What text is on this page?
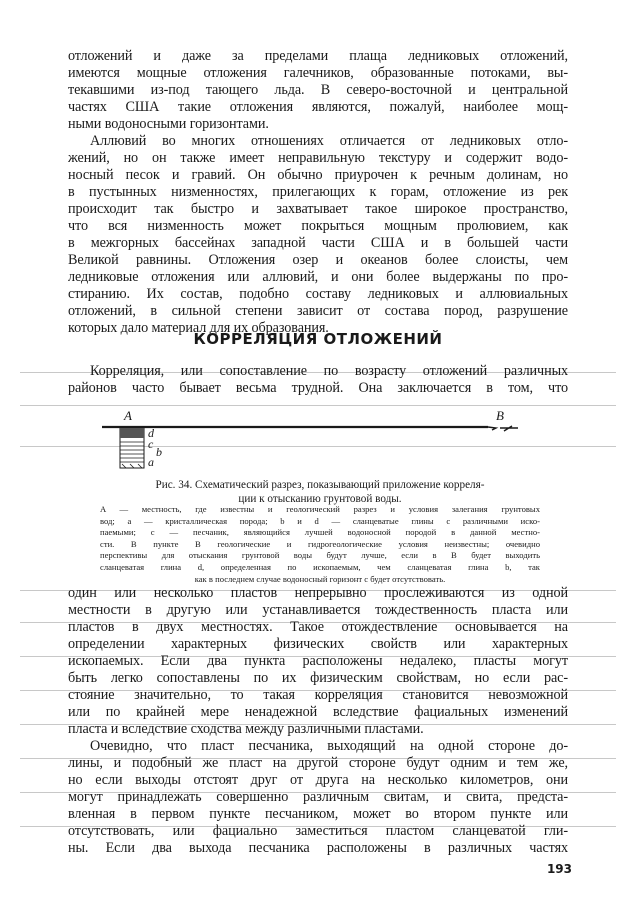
отложений и даже за пределами плаща ледниковых отложений,
имеются мощные отложения галечников, образованные потоками, вы-
текавшими из-под тающего льда. В северо-восточной и центральной
частях США такие отложения являются, пожалуй, наиболее мощ-
ными водоносными горизонтами.
Аллювий во многих отношениях отличается от ледниковых отло-
жений, но он также имеет неправильную текстуру и содержит водо-
носный песок и гравий. Он обычно приурочен к речным долинам, но
в пустынных низменностях, прилегающих к горам, отложение из рек
происходит так быстро и захватывает такое широкое пространство,
что вся низменность может покрыться мощным пролювием, как
в межгорных бассейнах западной части США и в большей части
Великой равнины. Отложения озер и океанов более слоисты, чем
ледниковые отложения или аллювий, и они более выдержаны по про-
стиранию. Их состав, подобно составу ледниковых и аллювиальных
отложений, в сильной степени зависит от состава пород, разрушение
которых дало материал для их образования.
КОРРЕЛЯЦИЯ ОТЛОЖЕНИЙ
Корреляция, или сопоставление по возрасту отложений различных
районов часто бывает весьма трудной. Она заключается в том, что
A	B
d
c
b
a
Рис. 34. Схематический разрез, показывающий приложение корреля-
ции к отысканию грунтовой воды.
A — местность, где известны и геологический разрез и условия залегания грунтовых
вод; a — кристаллическая порода; b и d — сланцеватые глины с различными иско-
паемыми; c — песчаник, являющийся лучшей водоносной породой в данной местно-
сти. В пункте B геологические и гидрогеологические условия неизвестны; очевидно
перспективы для отыскания грунтовой воды будут лучше, если в B будет выходить
сланцеватая глина d, определенная по ископаемым, чем сланцеватая глина b, так
как в последнем случае водоносный горизонт c будет отсутствовать.
один или несколько пластов непрерывно прослеживаются из одной
местности в другую или устанавливается тождественность пласта или
пластов в двух местностях. Такое отождествление основывается на
определении характерных физических свойств или характерных
ископаемых. Если два пункта расположены недалеко, пласты могут
быть легко сопоставлены по их физическим свойствам, но если рас-
стояние значительно, то такая корреляция становится невозможной
или по крайней мере ненадежной вследствие фациальных изменений
пласта и вследствие сходства между различными пластами.
Очевидно, что пласт песчаника, выходящий на одной стороне до-
лины, и подобный же пласт на другой стороне будут одним и тем же,
но если выходы отстоят друг от друга на несколько километров, они
могут принадлежать совершенно различным свитам, и свита, предста-
вленная в первом пункте песчаником, может во втором пункте или
отсутствовать, или фациально заместиться пластом сланцеватой гли-
ны. Если два выхода песчаника расположены в различных частях
193
